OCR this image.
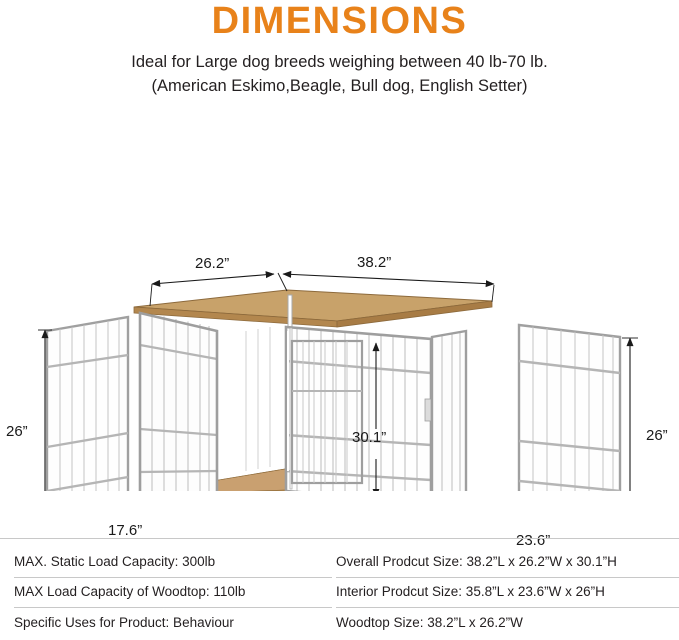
DIMENSIONS
Ideal for Large dog breeds weighing between 40 lb-70 lb.
(American Eskimo,Beagle, Bull dog, English Setter)
26.2”	38.2”
26”	26”
30.1”
17.6”
23.6”
MAX. Static Load Capacity: 300lb
MAX Load Capacity of Woodtop: 110lb
Specific Uses for Product: Behaviour
Overall Prodcut Size: 38.2”L x 26.2”W x 30.1”H
Interior Prodcut Size: 35.8”L x 23.6”W x 26”H
Woodtop Size: 38.2”L x 26.2”W
